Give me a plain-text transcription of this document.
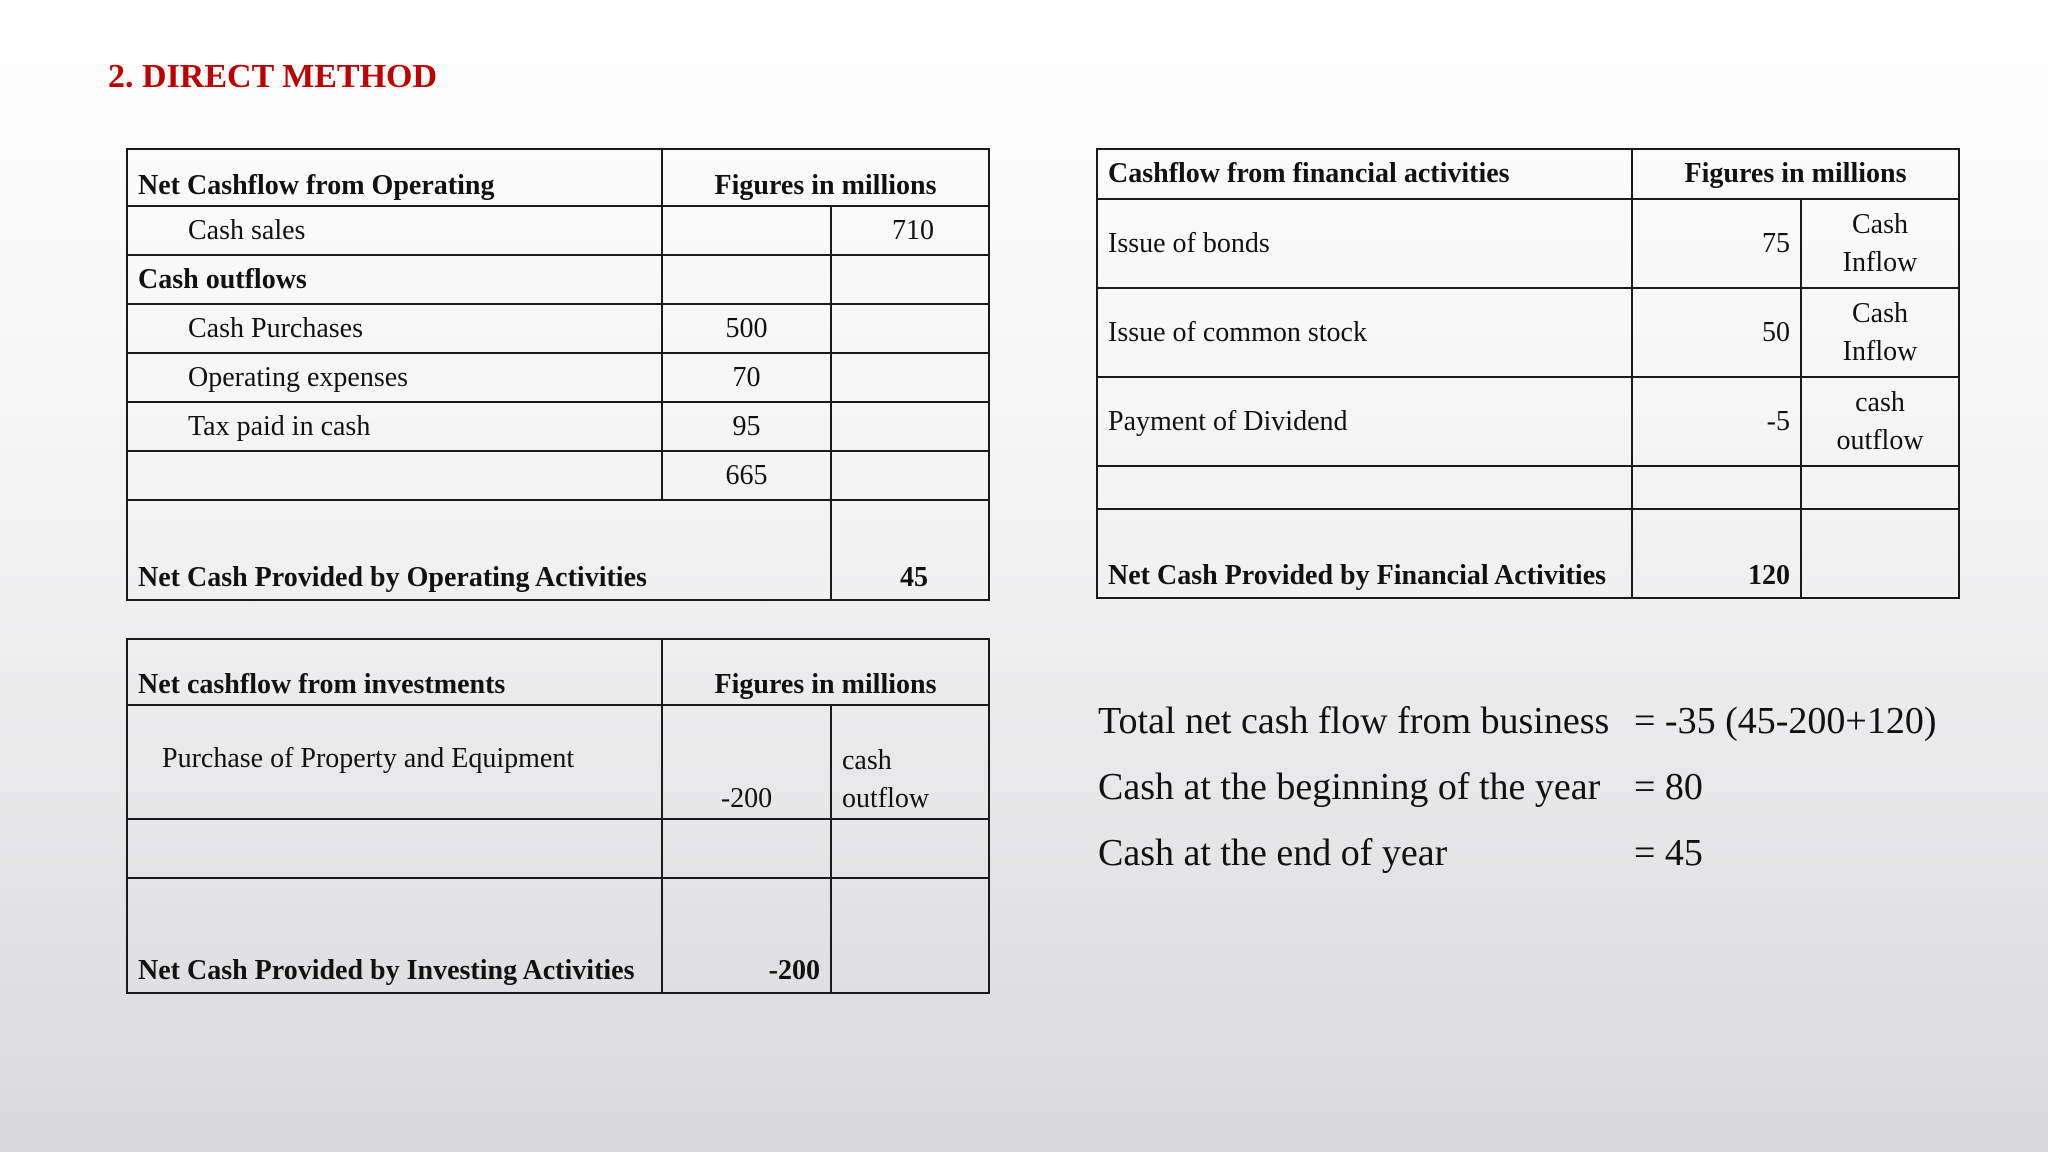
2. DIRECT METHOD
Net Cashflow from Operating	Figures in millions	
Cash sales		710
Cash outflows		
Cash Purchases	500	
Operating expenses	70	
Tax paid in cash	95	
	665	
Net Cash Provided by Operating Activities		45
Net cashflow from investments	Figures in millions	
Purchase of Property and Equipment	-200	cash outflow

Net Cash Provided by Investing Activities	-200	
Cashflow from financial activities	Figures in millions	
Issue of bonds	75	Cash Inflow
Issue of common stock	50	Cash Inflow
Payment of Dividend	-5	cash outflow

Net Cash Provided by Financial Activities	120	
Total net cash flow from business	= -35 (45-200+120)
Cash at the beginning of the year	= 80
Cash at the end of year	= 45
